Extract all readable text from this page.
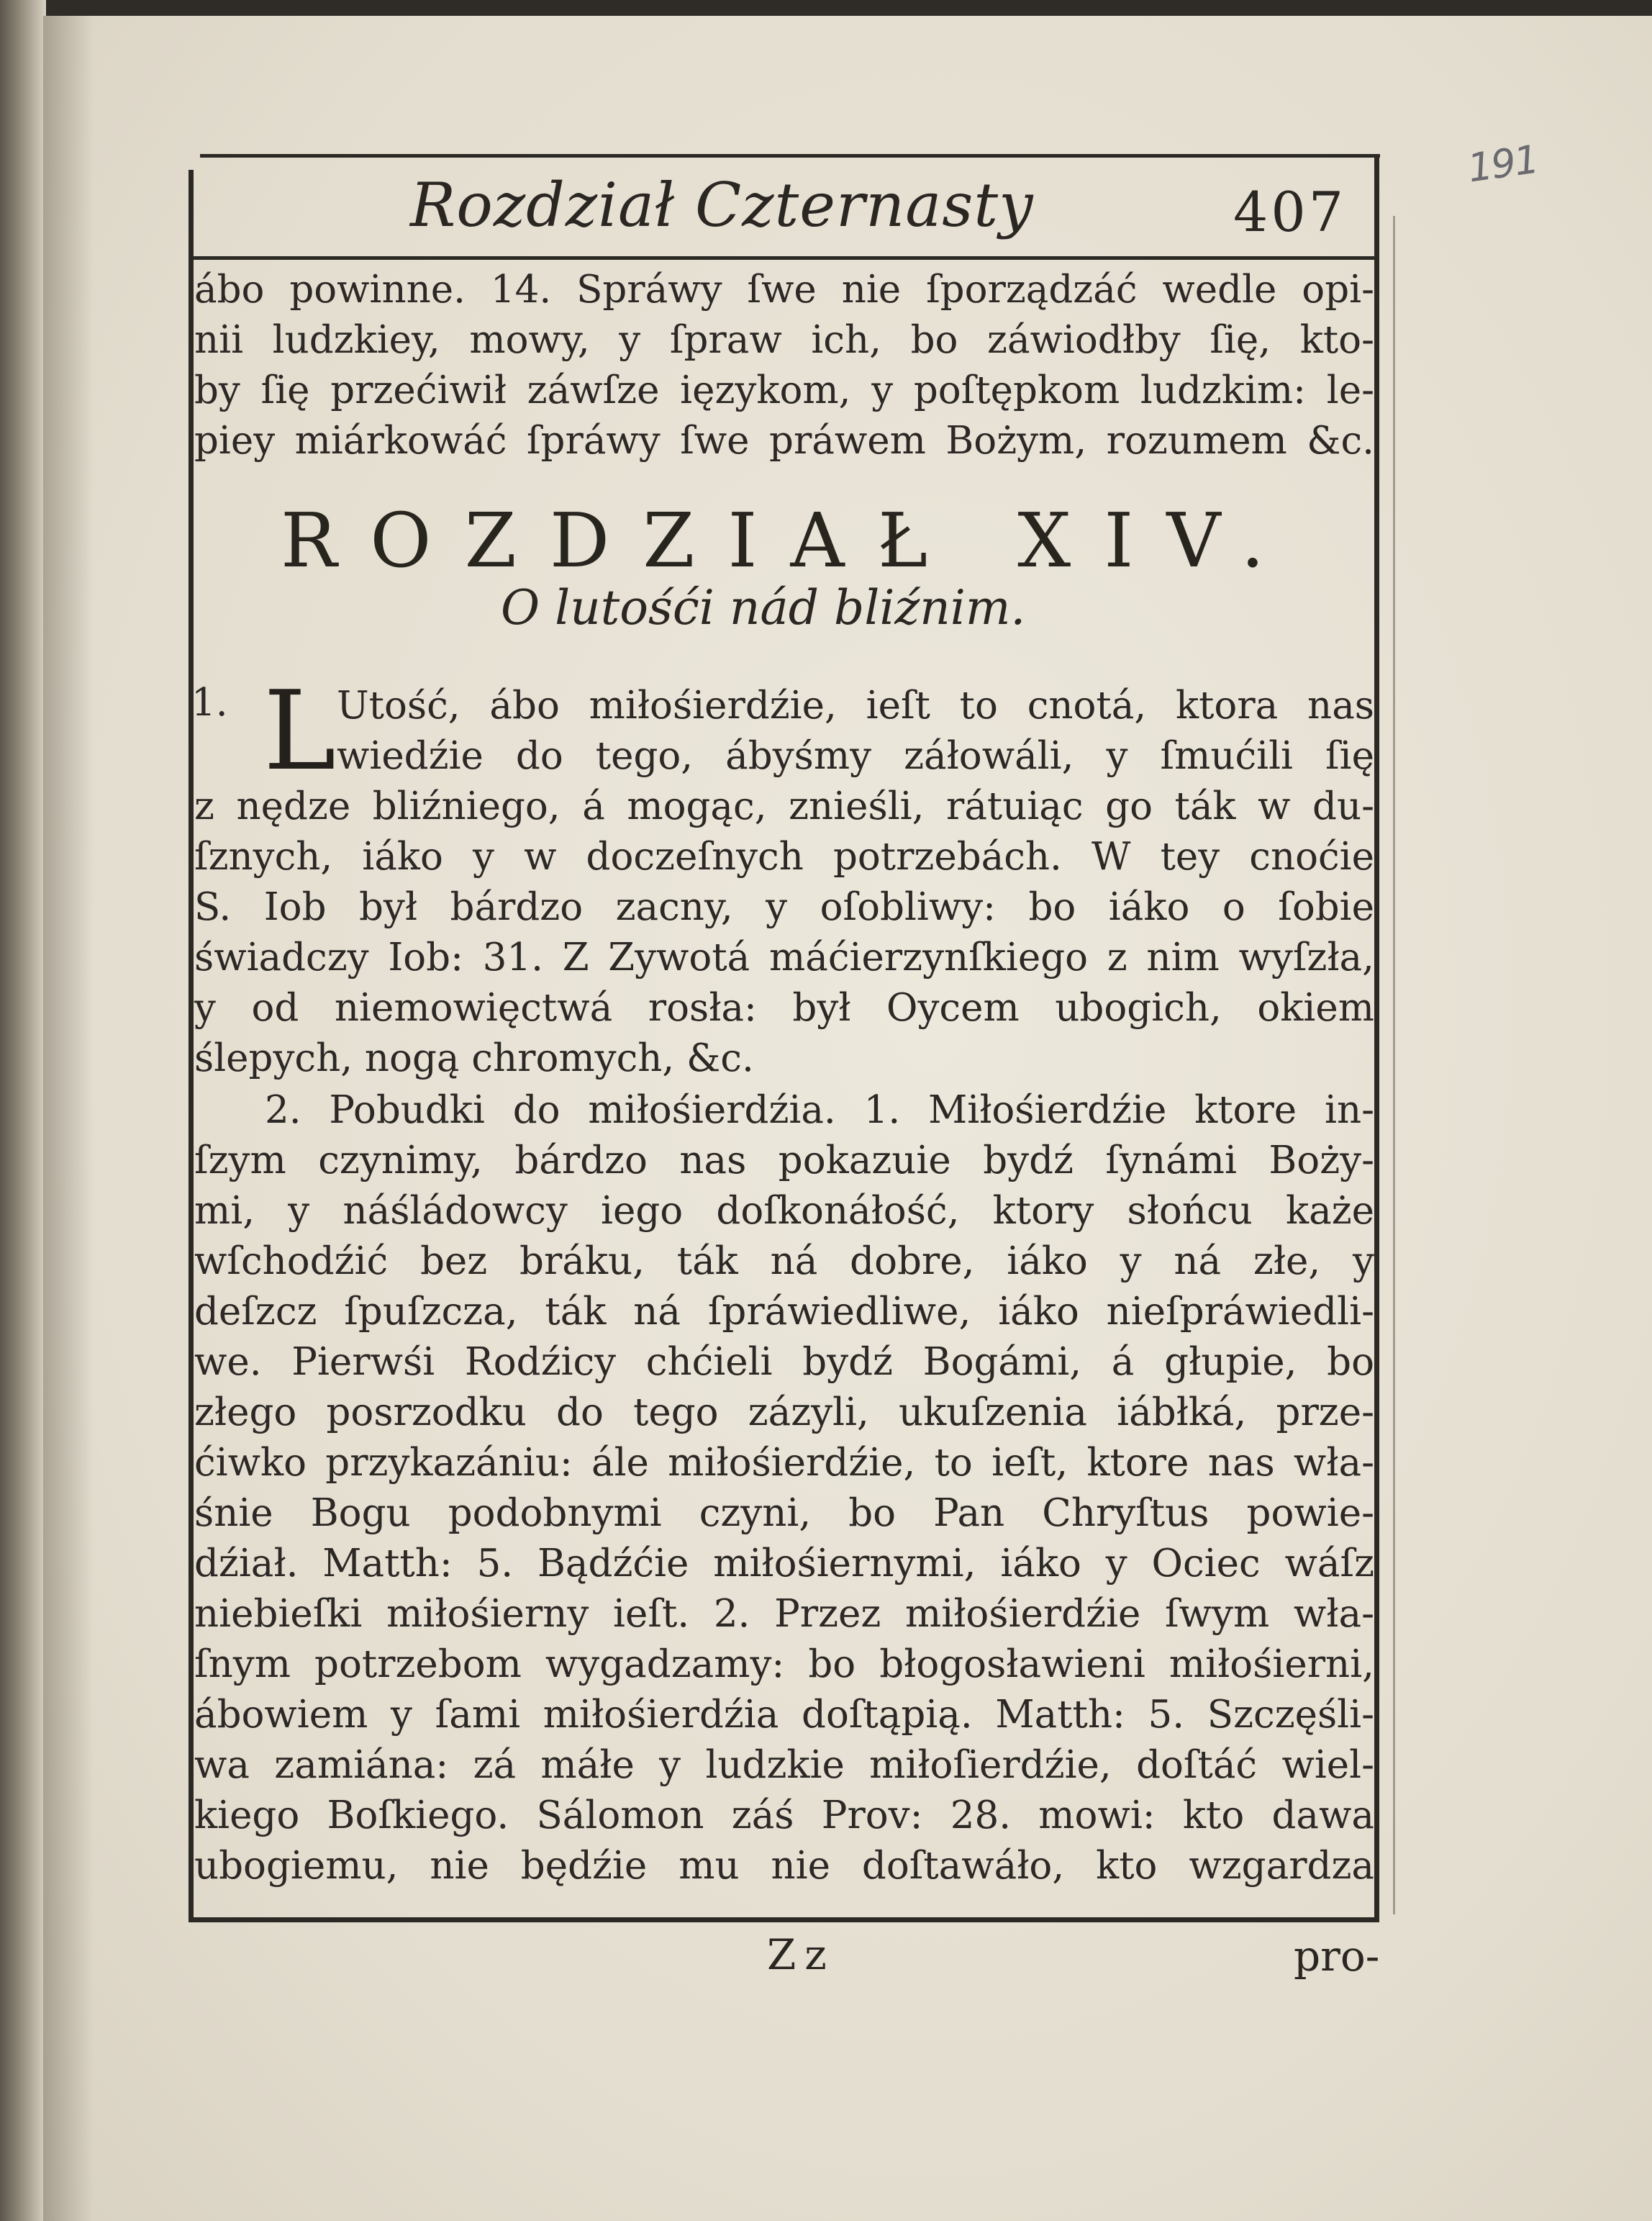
191
Rozdział Czternasty	407
ábo powinne. 14. Spráwy ſwe nie ſporządzáć wedle opi-
nii ludzkiey, mowy, y ſpraw ich, bo záwiodłby ſię, kto-
by ſię przećiwił záwſze ięzykom, y poſtępkom ludzkim: le-
piey miárkowáć ſpráwy ſwe práwem Bożym, rozumem &c.
ROZDZIAŁ XIV.
O lutośći nád bliźnim.
1. L Utość, ábo miłośierdźie, ieſt to cnotá, ktora nas
wiedźie do tego, ábyśmy záłowáli, y ſmućili ſię
z nędze bliźniego, á mogąc, znieśli, rátuiąc go ták w du-
ſznych, iáko y w doczeſnych potrzebách. W tey cnoćie
S. Iob był bárdzo zacny, y oſobliwy: bo iáko o ſobie
świadczy Iob: 31. Z Zywotá máćierzynſkiego z nim wyſzła,
y od niemowięctwá rosła: był Oycem ubogich, okiem
ślepych, nogą chromych, &c.
2. Pobudki do miłośierdźia. 1. Miłośierdźie ktore in-
ſzym czynimy, bárdzo nas pokazuie bydź ſynámi Boży-
mi, y náśládowcy iego doſkonáłość, ktory słońcu każe
wſchodźić bez bráku, ták ná dobre, iáko y ná złe, y
deſzcz ſpuſzcza, ták ná ſpráwiedliwe, iáko nieſpráwiedli-
we. Pierwśi Rodźicy chćieli bydź Bogámi, á głupie, bo
złego posrzodku do tego zázyli, ukuſzenia iábłká, prze-
ćiwko przykazániu: ále miłośierdźie, to ieſt, ktore nas wła-
śnie Bogu podobnymi czyni, bo Pan Chryſtus powie-
dźiał. Matth: 5. Bądźćie miłośiernymi, iáko y Ociec wáſz
niebieſki miłośierny ieſt. 2. Przez miłośierdźie ſwym wła-
ſnym potrzebom wygadzamy: bo błogosławieni miłośierni,
ábowiem y ſami miłośierdźia doſtąpią. Matth: 5. Szczęśli-
wa zamiána: zá máłe y ludzkie miłoſierdźie, doſtáć wiel-
kiego Boſkiego. Sálomon záś Prov: 28. mowi: kto dawa
ubogiemu, nie będźie mu nie doſtawáło, kto wzgardza
Zz	pro-
